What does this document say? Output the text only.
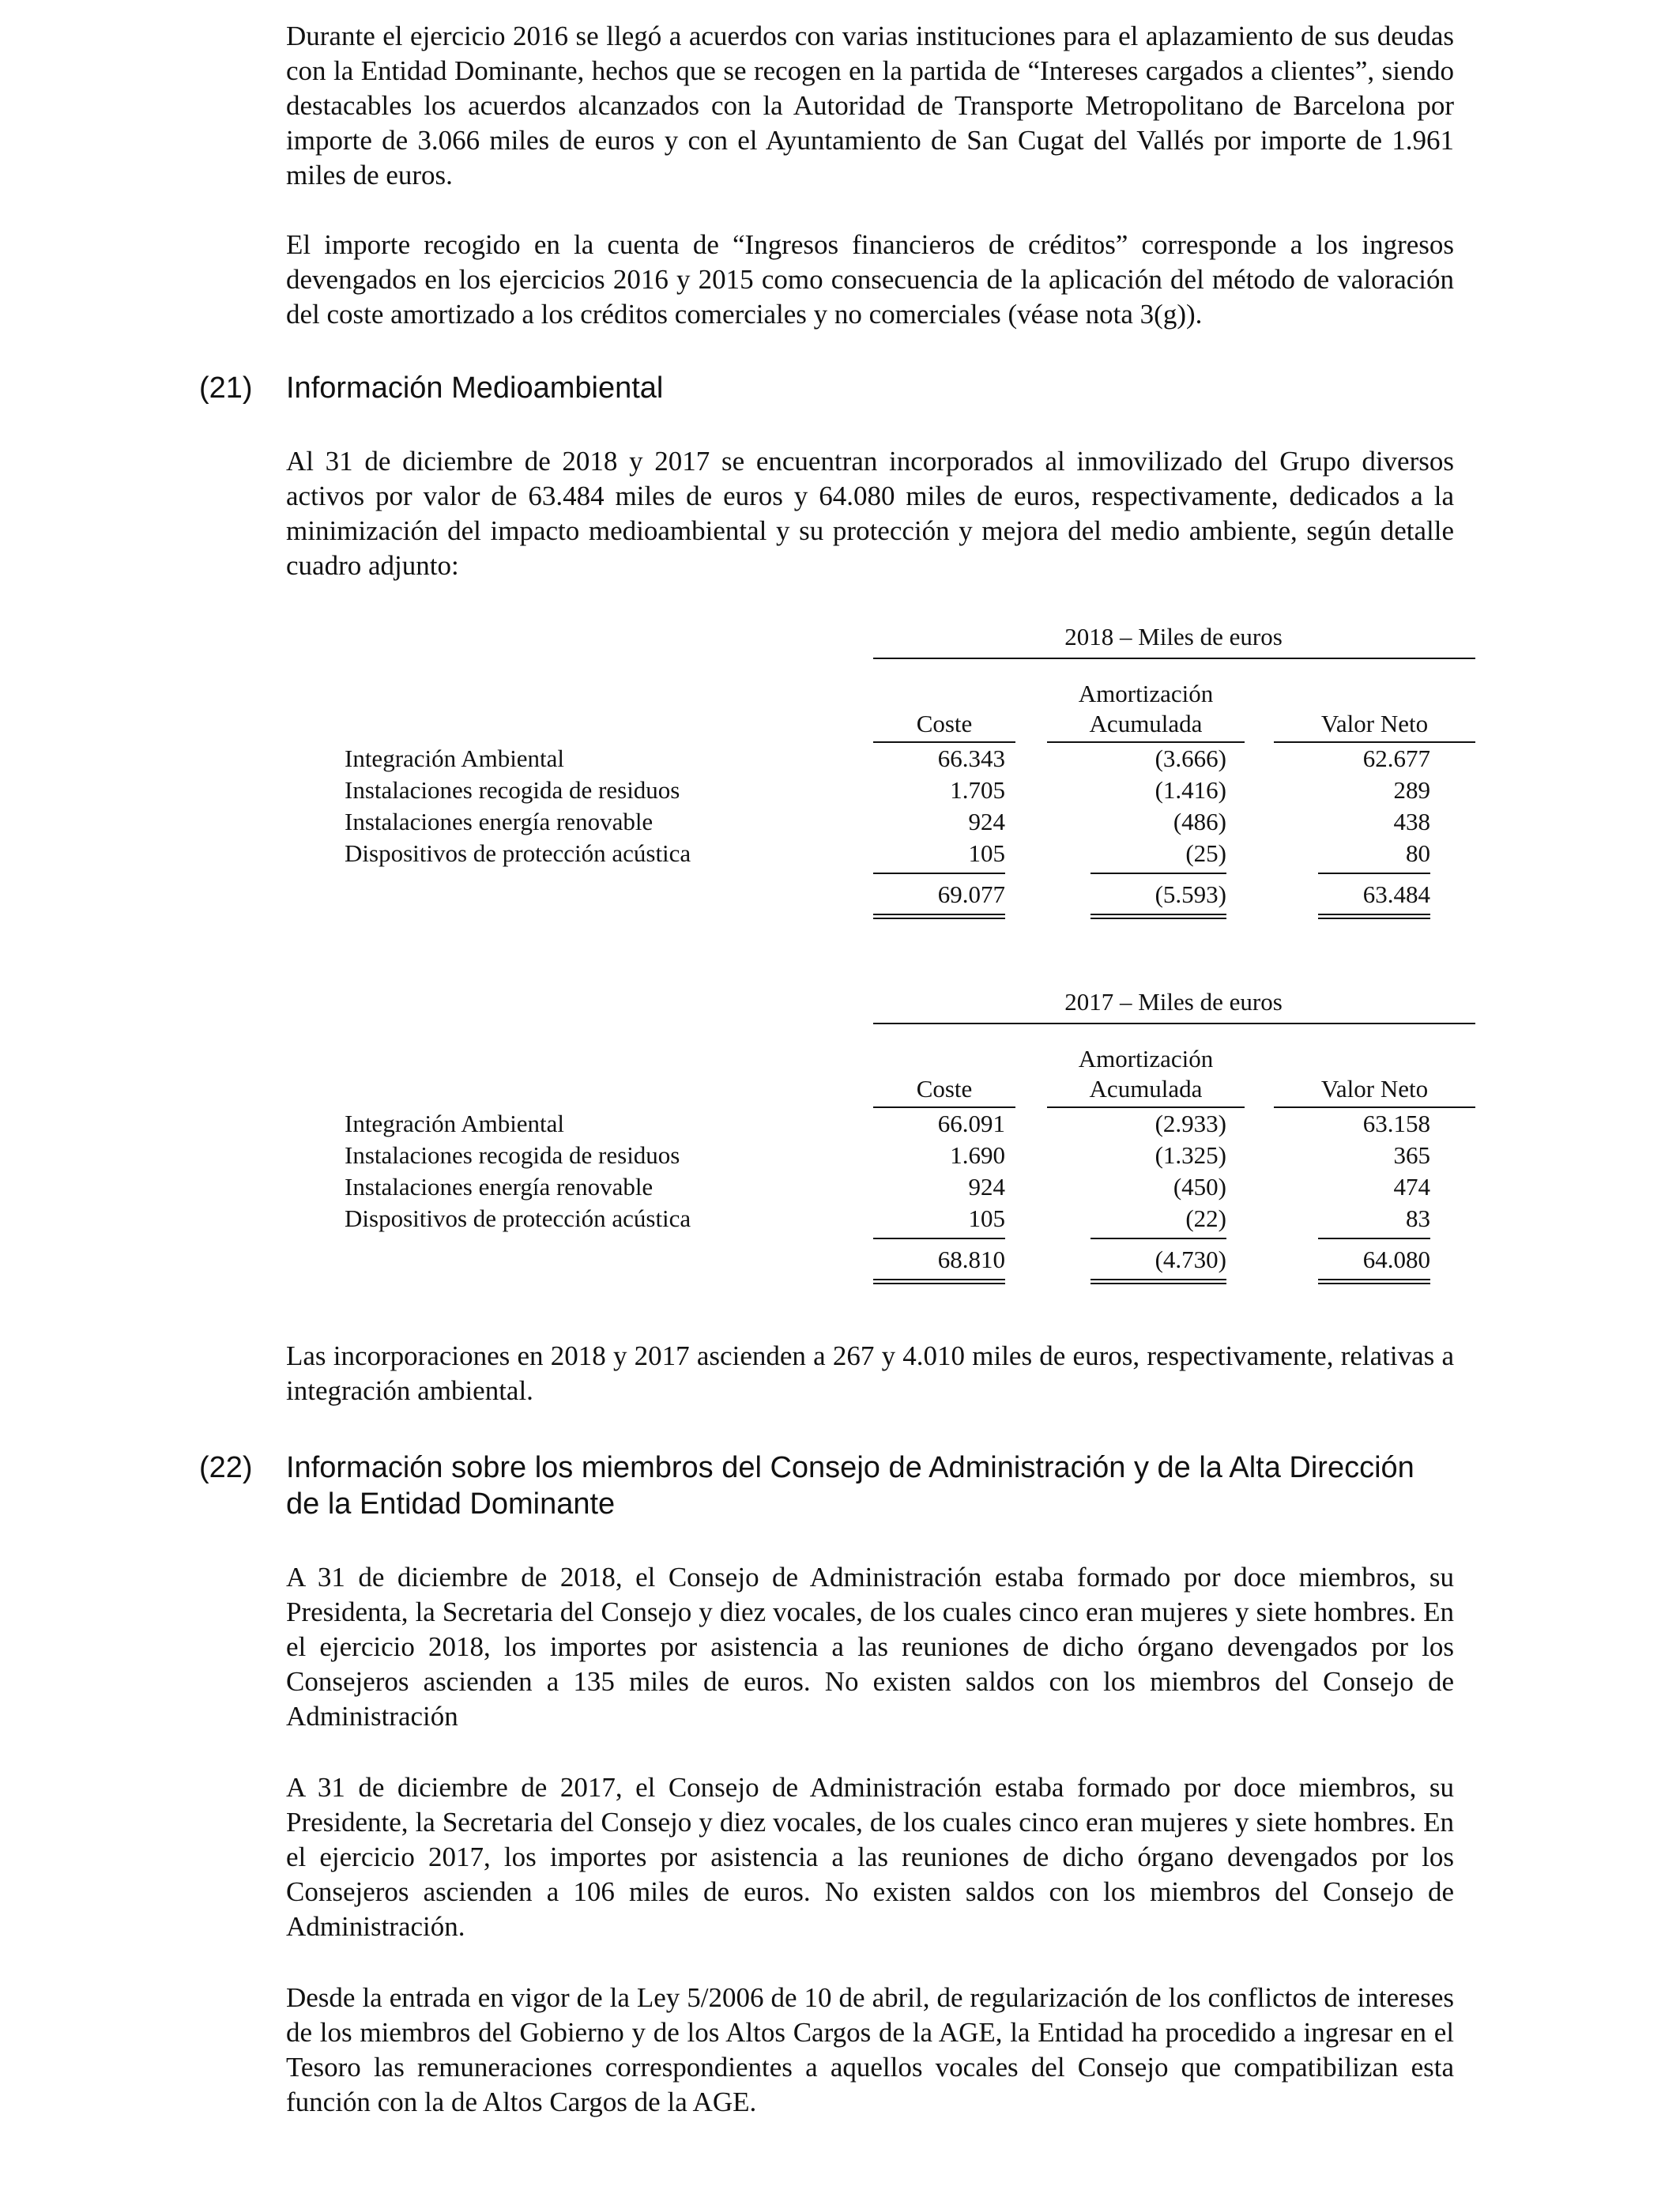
Durante el ejercicio 2016 se llegó a acuerdos con varias instituciones para el aplazamiento de sus deudas con la Entidad Dominante, hechos que se recogen en la partida de “Intereses cargados a clientes”, siendo destacables los acuerdos alcanzados con la Autoridad de Transporte Metropolitano de Barcelona por importe de 3.066 miles de euros y con el Ayuntamiento de San Cugat del Vallés por importe de 1.961 miles de euros.

El importe recogido en la cuenta de “Ingresos financieros de créditos” corresponde a los ingresos devengados en los ejercicios 2016 y 2015 como consecuencia de la aplicación del método de valoración del coste amortizado a los créditos comerciales y no comerciales (véase nota 3(g)).

(21) Información Medioambiental

Al 31 de diciembre de 2018 y 2017 se encuentran incorporados al inmovilizado del Grupo diversos activos por valor de 63.484 miles de euros y 64.080 miles de euros, respectivamente, dedicados a la minimización del impacto medioambiental y su protección y mejora del medio ambiente, según detalle cuadro adjunto:

2018 – Miles de euros
Amortización
Coste	Acumulada	Valor Neto
Integración Ambiental	66.343	(3.666)	62.677
Instalaciones recogida de residuos	1.705	(1.416)	289
Instalaciones energía renovable	924	(486)	438
Dispositivos de protección acústica	105	(25)	80
69.077	(5.593)	63.484
2017 – Miles de euros
Amortización
Coste	Acumulada	Valor Neto
Integración Ambiental	66.091	(2.933)	63.158
Instalaciones recogida de residuos	1.690	(1.325)	365
Instalaciones energía renovable	924	(450)	474
Dispositivos de protección acústica	105	(22)	83
68.810	(4.730)	64.080

Las incorporaciones en 2018 y 2017 ascienden a 267 y 4.010 miles de euros, respectivamente, relativas a integración ambiental.

(22) Información sobre los miembros del Consejo de Administración y de la Alta Dirección
de la Entidad Dominante

A 31 de diciembre de 2018, el Consejo de Administración estaba formado por doce miembros, su Presidenta, la Secretaria del Consejo y diez vocales, de los cuales cinco eran mujeres y siete hombres. En el ejercicio 2018, los importes por asistencia a las reuniones de dicho órgano devengados por los Consejeros ascienden a 135 miles de euros. No existen saldos con los miembros del Consejo de Administración

A 31 de diciembre de 2017, el Consejo de Administración estaba formado por doce miembros, su Presidente, la Secretaria del Consejo y diez vocales, de los cuales cinco eran mujeres y siete hombres. En el ejercicio 2017, los importes por asistencia a las reuniones de dicho órgano devengados por los Consejeros ascienden a 106 miles de euros. No existen saldos con los miembros del Consejo de Administración.

Desde la entrada en vigor de la Ley 5/2006 de 10 de abril, de regularización de los conflictos de intereses de los miembros del Gobierno y de los Altos Cargos de la AGE, la Entidad ha procedido a ingresar en el Tesoro las remuneraciones correspondientes a aquellos vocales del Consejo que compatibilizan esta función con la de Altos Cargos de la AGE.
